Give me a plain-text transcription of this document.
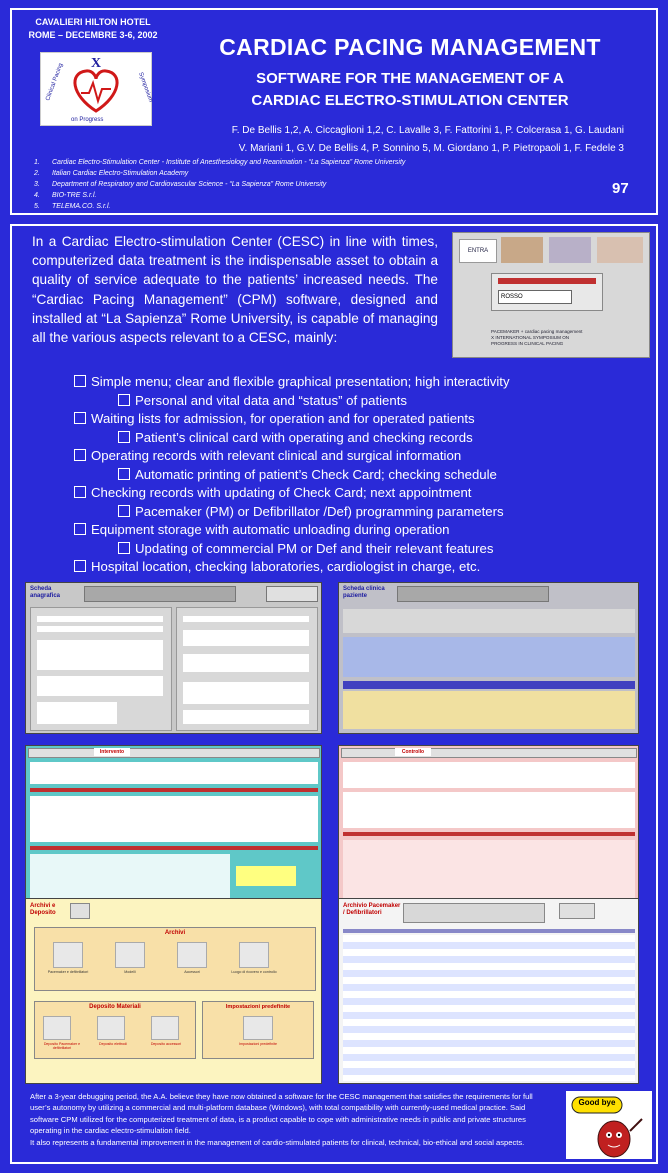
CAVALIERI HILTON HOTEL
ROME – DECEMBRE 3-6, 2002
X
Clinical Pacing	Symposium
on Progress
CARDIAC PACING MANAGEMENT
SOFTWARE FOR THE MANAGEMENT OF A
CARDIAC ELECTRO-STIMULATION CENTER
F. De Bellis 1,2, A. Ciccaglioni 1,2, C. Lavalle 3, F. Fattorini 1, P. Colcerasa 1, G. Laudani
V. Mariani 1, G.V. De Bellis 4, P. Sonnino 5, M. Giordano 1, P. Pietropaoli 1, F. Fedele 3
1. Cardiac Electro-Stimulation Center - Institute of Anesthesiology and Reanimation - “La Sapienza” Rome University
2. Italian Cardiac Electro-Stimulation Academy
3. Department of Respiratory and Cardiovascular Science - “La Sapienza” Rome University
4. BIO-TRE S.r.l.
5. TELEMA.CO. S.r.l.
97
In a Cardiac Electro-stimulation Center (CESC) in line with times, computerized data treatment is the indispensable asset to obtain a quality of service adequate to the patients’ increased needs. The “Cardiac Pacing Management” (CPM) software, designed and installed at “La Sapienza” Rome University, is capable of managing all the various aspects relevant to a CESC, mainly:
ENTRA
ROSSO
PACEMAKER + cardiac pacing management
X INTERNATIONAL SYMPOSIUM ON
PROGRESS IN CLINICAL PACING
Simple menu; clear and flexible graphical presentation; high interactivity
Personal and vital data and “status” of patients
Waiting lists for admission, for operation and for operated patients
Patient’s clinical card with operating and checking records
Operating records with relevant clinical and surgical information
Automatic printing of patient’s Check Card; checking schedule
Checking records with updating of Check Card; next appointment
Pacemaker (PM) or Defibrillator /Def) programming parameters
Equipment storage with automatic unloading during operation
Updating of commercial PM or Def and their relevant features
Hospital location, checking laboratories, cardiologist in charge, etc.
Scheda anagrafica
Scheda clinica paziente
Intervento	Controllo
Archivi e Deposito
Archivi
Pacemaker e defibrillatori	Modelli	Accessori	Luogo di ricovero e controllo
Deposito Materiali
Deposito Pacemaker e defibrillatori
Deposito elettrodi	Deposito accessori
Impostazioni predefinite
Impostazioni predefinite
Archivio Pacemaker / Defibrillatori
After a 3-year debugging period, the A.A. believe they have now obtained a software for the CESC management that satisfies the requirements for full user’s autonomy by utilizing a commercial and multi-platform database (Windows), with total compatibility with currently-used medical practice. Said software CPM utilized for the computerized treatment of data, is a product capable to cope with administrative needs in public and private structures operating in the cardiac electro-stimulation field.
It also represents a fundamental improvement in the management of cardio-stimulated patients for clinical, technical, bio-ethical and social aspects.
Good bye
